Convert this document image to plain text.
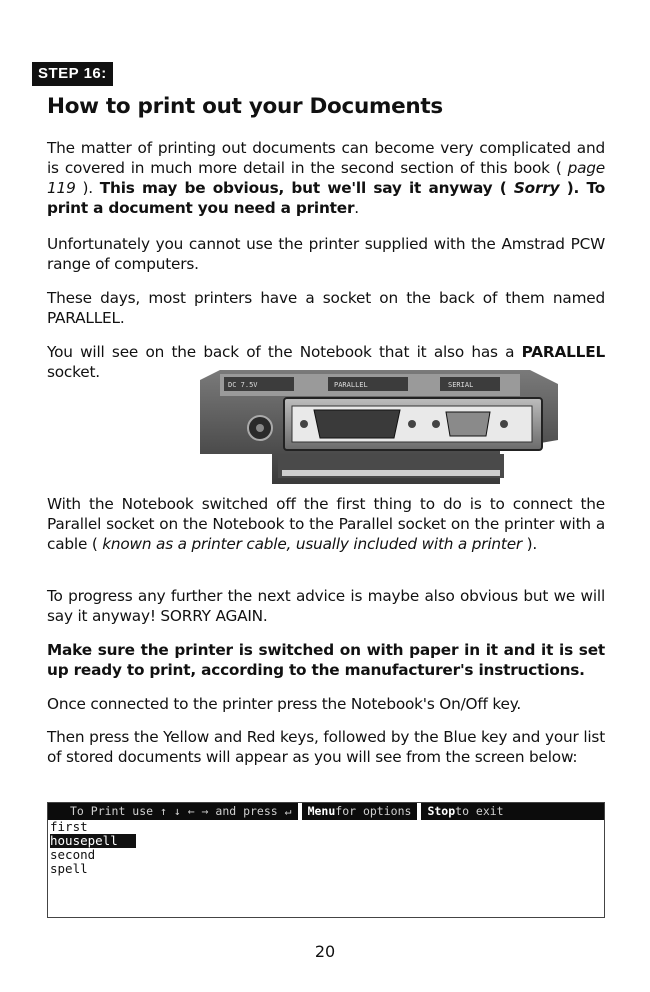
STEP 16:
How to print out your Documents
The matter of printing out documents can become very complicated and is covered in much more detail in the second section of this book ( page 119 ). This may be obvious, but we'll say it anyway ( Sorry ). To print a document you need a printer.
Unfortunately you cannot use the printer supplied with the Amstrad PCW range of computers.
These days, most printers have a socket on the back of them named PARALLEL.
You will see on the back of the Notebook that it also has a PARALLEL socket.
DC 7.5V	PARALLEL	SERIAL
With the Notebook switched off the first thing to do is to connect the Parallel socket on the Notebook to the Parallel socket on the printer with a cable ( known as a printer cable, usually included with a printer ).
To progress any further the next advice is maybe also obvious but we will say it anyway! SORRY AGAIN.
Make sure the printer is switched on with paper in it and it is set up ready to print, according to the manufacturer's instructions.
Once connected to the printer press the Notebook's On/Off key.
Then press the Yellow and Red keys, followed by the Blue key and your list of stored documents will appear as you will see from the screen below:
To Print use ↑ ↓ ← → and press ↵ Menufor options Stopto exit
first
housepell
second
spell
20
